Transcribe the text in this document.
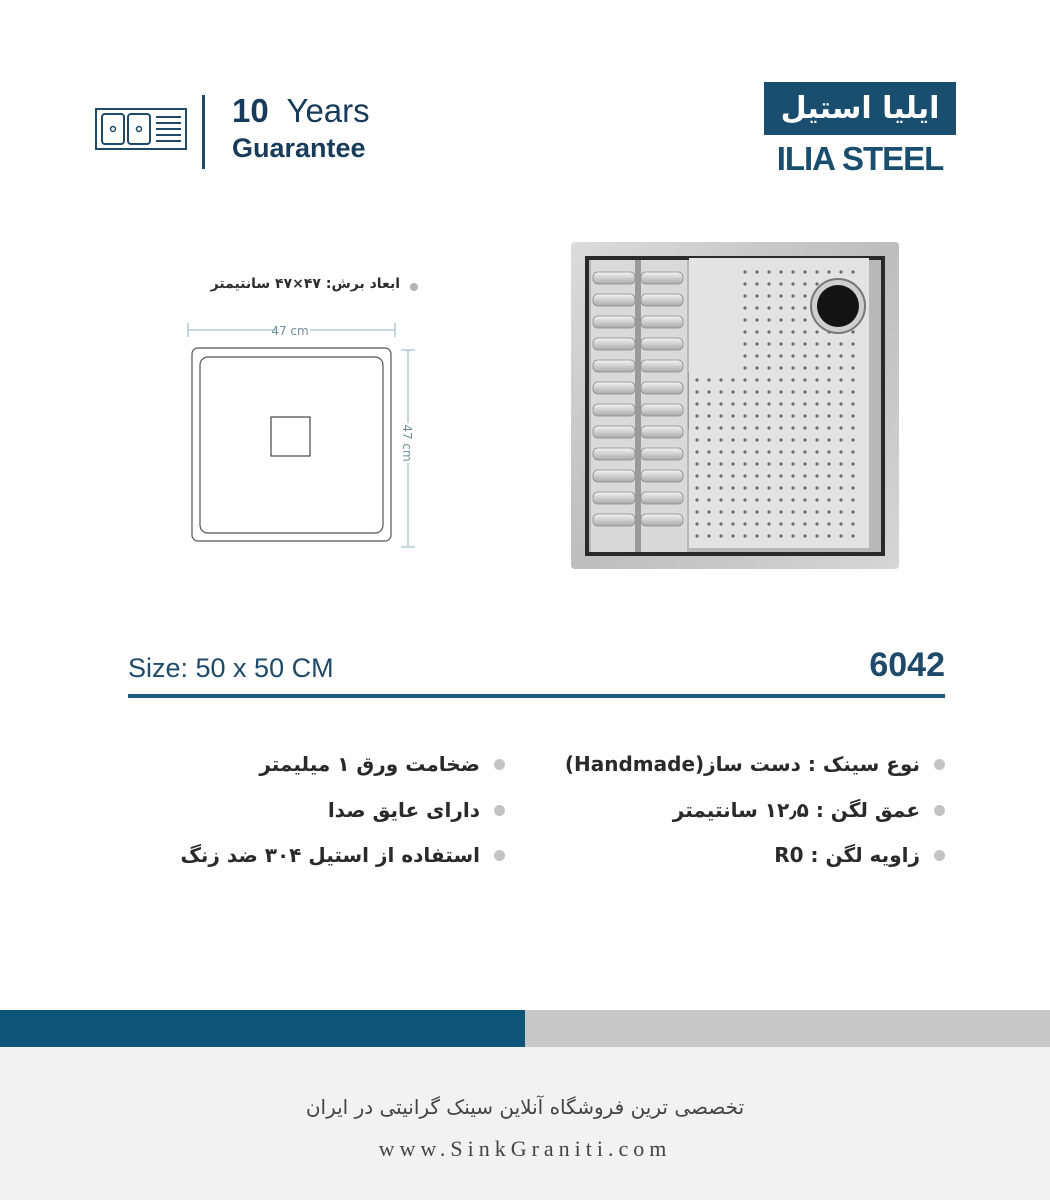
10 Years
Guarantee
ایلیا استیل
ILIA STEEL
ابعاد برش: ۴۷×۴۷ سانتیمتر
47 cm
47 cm
Size: 50 x 50 CM	6042
نوع سینک : دست ساز(Handmade)
عمق لگن : ۱۲٫۵ سانتیمتر
زاویه لگن : R0
ضخامت ورق ۱ میلیمتر
دارای عایق صدا
استفاده از استیل ۳۰۴ ضد زنگ
تخصصی ترین فروشگاه آنلاین سینک گرانیتی در ایران
www.SinkGraniti.com
